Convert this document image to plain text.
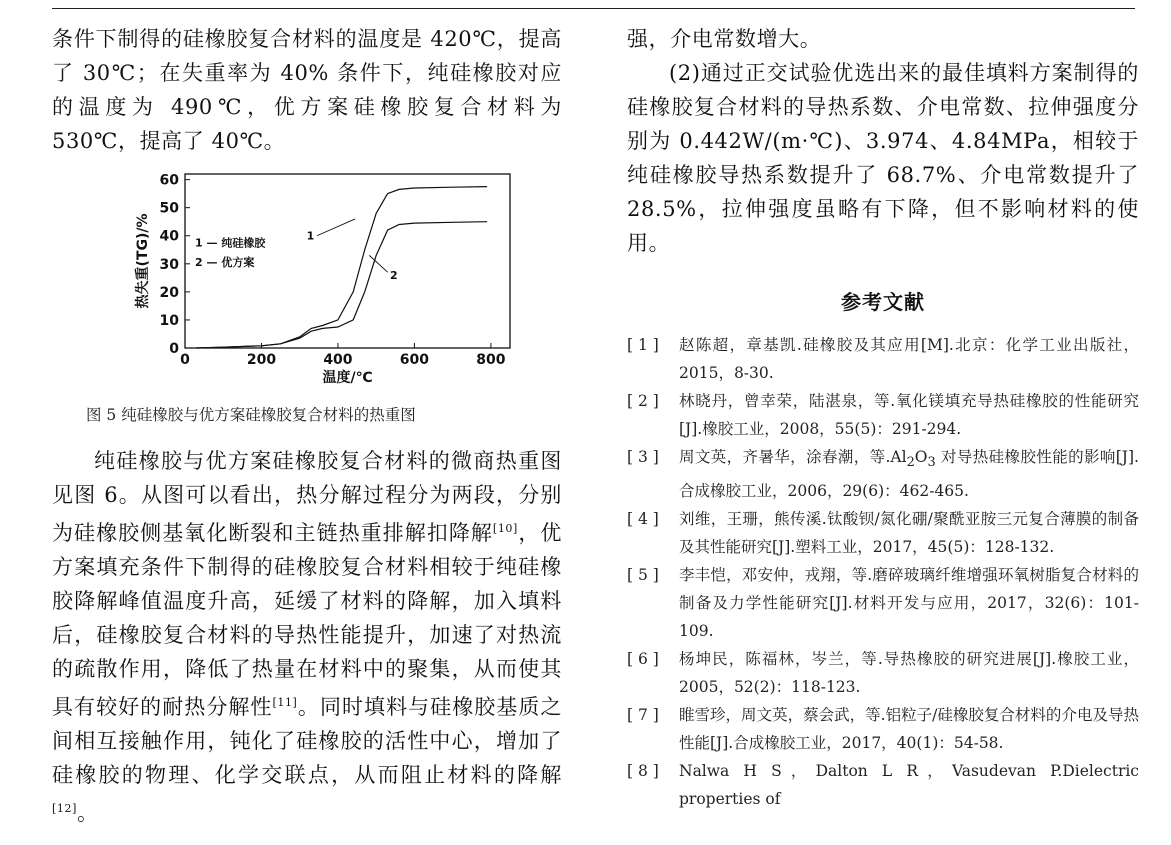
条件下制得的硅橡胶复合材料的温度是 420℃，提高了 30℃；在失重率为 40% 条件下，纯硅橡胶对应的温度为 490℃，优方案硅橡胶复合材料为 530℃，提高了 40℃。

0
10
20
30
40
50
60
0	200	400	600	800
温度/℃
热失重(TG)/%	1 — 纯硅橡胶
2 — 优方案
1
2
图 5 纯硅橡胶与优方案硅橡胶复合材料的热重图

纯硅橡胶与优方案硅橡胶复合材料的微商热重图见图 6。从图可以看出，热分解过程分为两段，分别为硅橡胶侧基氧化断裂和主链热重排解扣降解[10]，优方案填充条件下制得的硅橡胶复合材料相较于纯硅橡胶降解峰值温度升高，延缓了材料的降解，加入填料后，硅橡胶复合材料的导热性能提升，加速了对热流的疏散作用，降低了热量在材料中的聚集，从而使其具有较好的耐热分解性[11]。同时填料与硅橡胶基质之间相互接触作用，钝化了硅橡胶的活性中心，增加了硅橡胶的物理、化学交联点，从而阻止材料的降解[12]。

强，介电常数增大。

(2)通过正交试验优选出来的最佳填料方案制得的硅橡胶复合材料的导热系数、介电常数、拉伸强度分别为 0.442W/(m·℃)、3.974、4.84MPa，相较于纯硅橡胶导热系数提升了 68.7%、介电常数提升了 28.5%，拉伸强度虽略有下降，但不影响材料的使用。

参考文献
[ 1 ]	赵陈超，章基凯.硅橡胶及其应用[M].北京：化学工业出版社，2015，8-30.
[ 2 ]	林晓丹，曾幸荣，陆湛泉，等.氧化镁填充导热硅橡胶的性能研究[J].橡胶工业，2008，55(5)：291-294.
[ 3 ]	周文英，齐暑华，涂春潮，等$.Al_2O_3$ 对导热硅橡胶性能的影响[J].合成橡胶工业，2006，29(6)：462-465.
[ 4 ]	刘维，王珊，熊传溪.钛酸钡/氮化硼/聚酰亚胺三元复合薄膜的制备及其性能研究[J].塑料工业，2017，45(5)：128-132.
[ 5 ]	李丰恺，邓安仲，戎翔，等.磨碎玻璃纤维增强环氧树脂复合材料的制备及力学性能研究[J].材料开发与应用，2017，32(6)：101-109.
[ 6 ]	杨坤民，陈福林，岑兰，等.导热橡胶的研究进展[J].橡胶工业，2005，52(2)：118-123.
[ 7 ]	睢雪珍，周文英，蔡会武，等.铝粒子/硅橡胶复合材料的介电及导热性能[J].合成橡胶工业，2017，40(1)：54-58.
[ 8 ]	Nalwa H S，Dalton L R，Vasudevan P.Dielectric properties of
